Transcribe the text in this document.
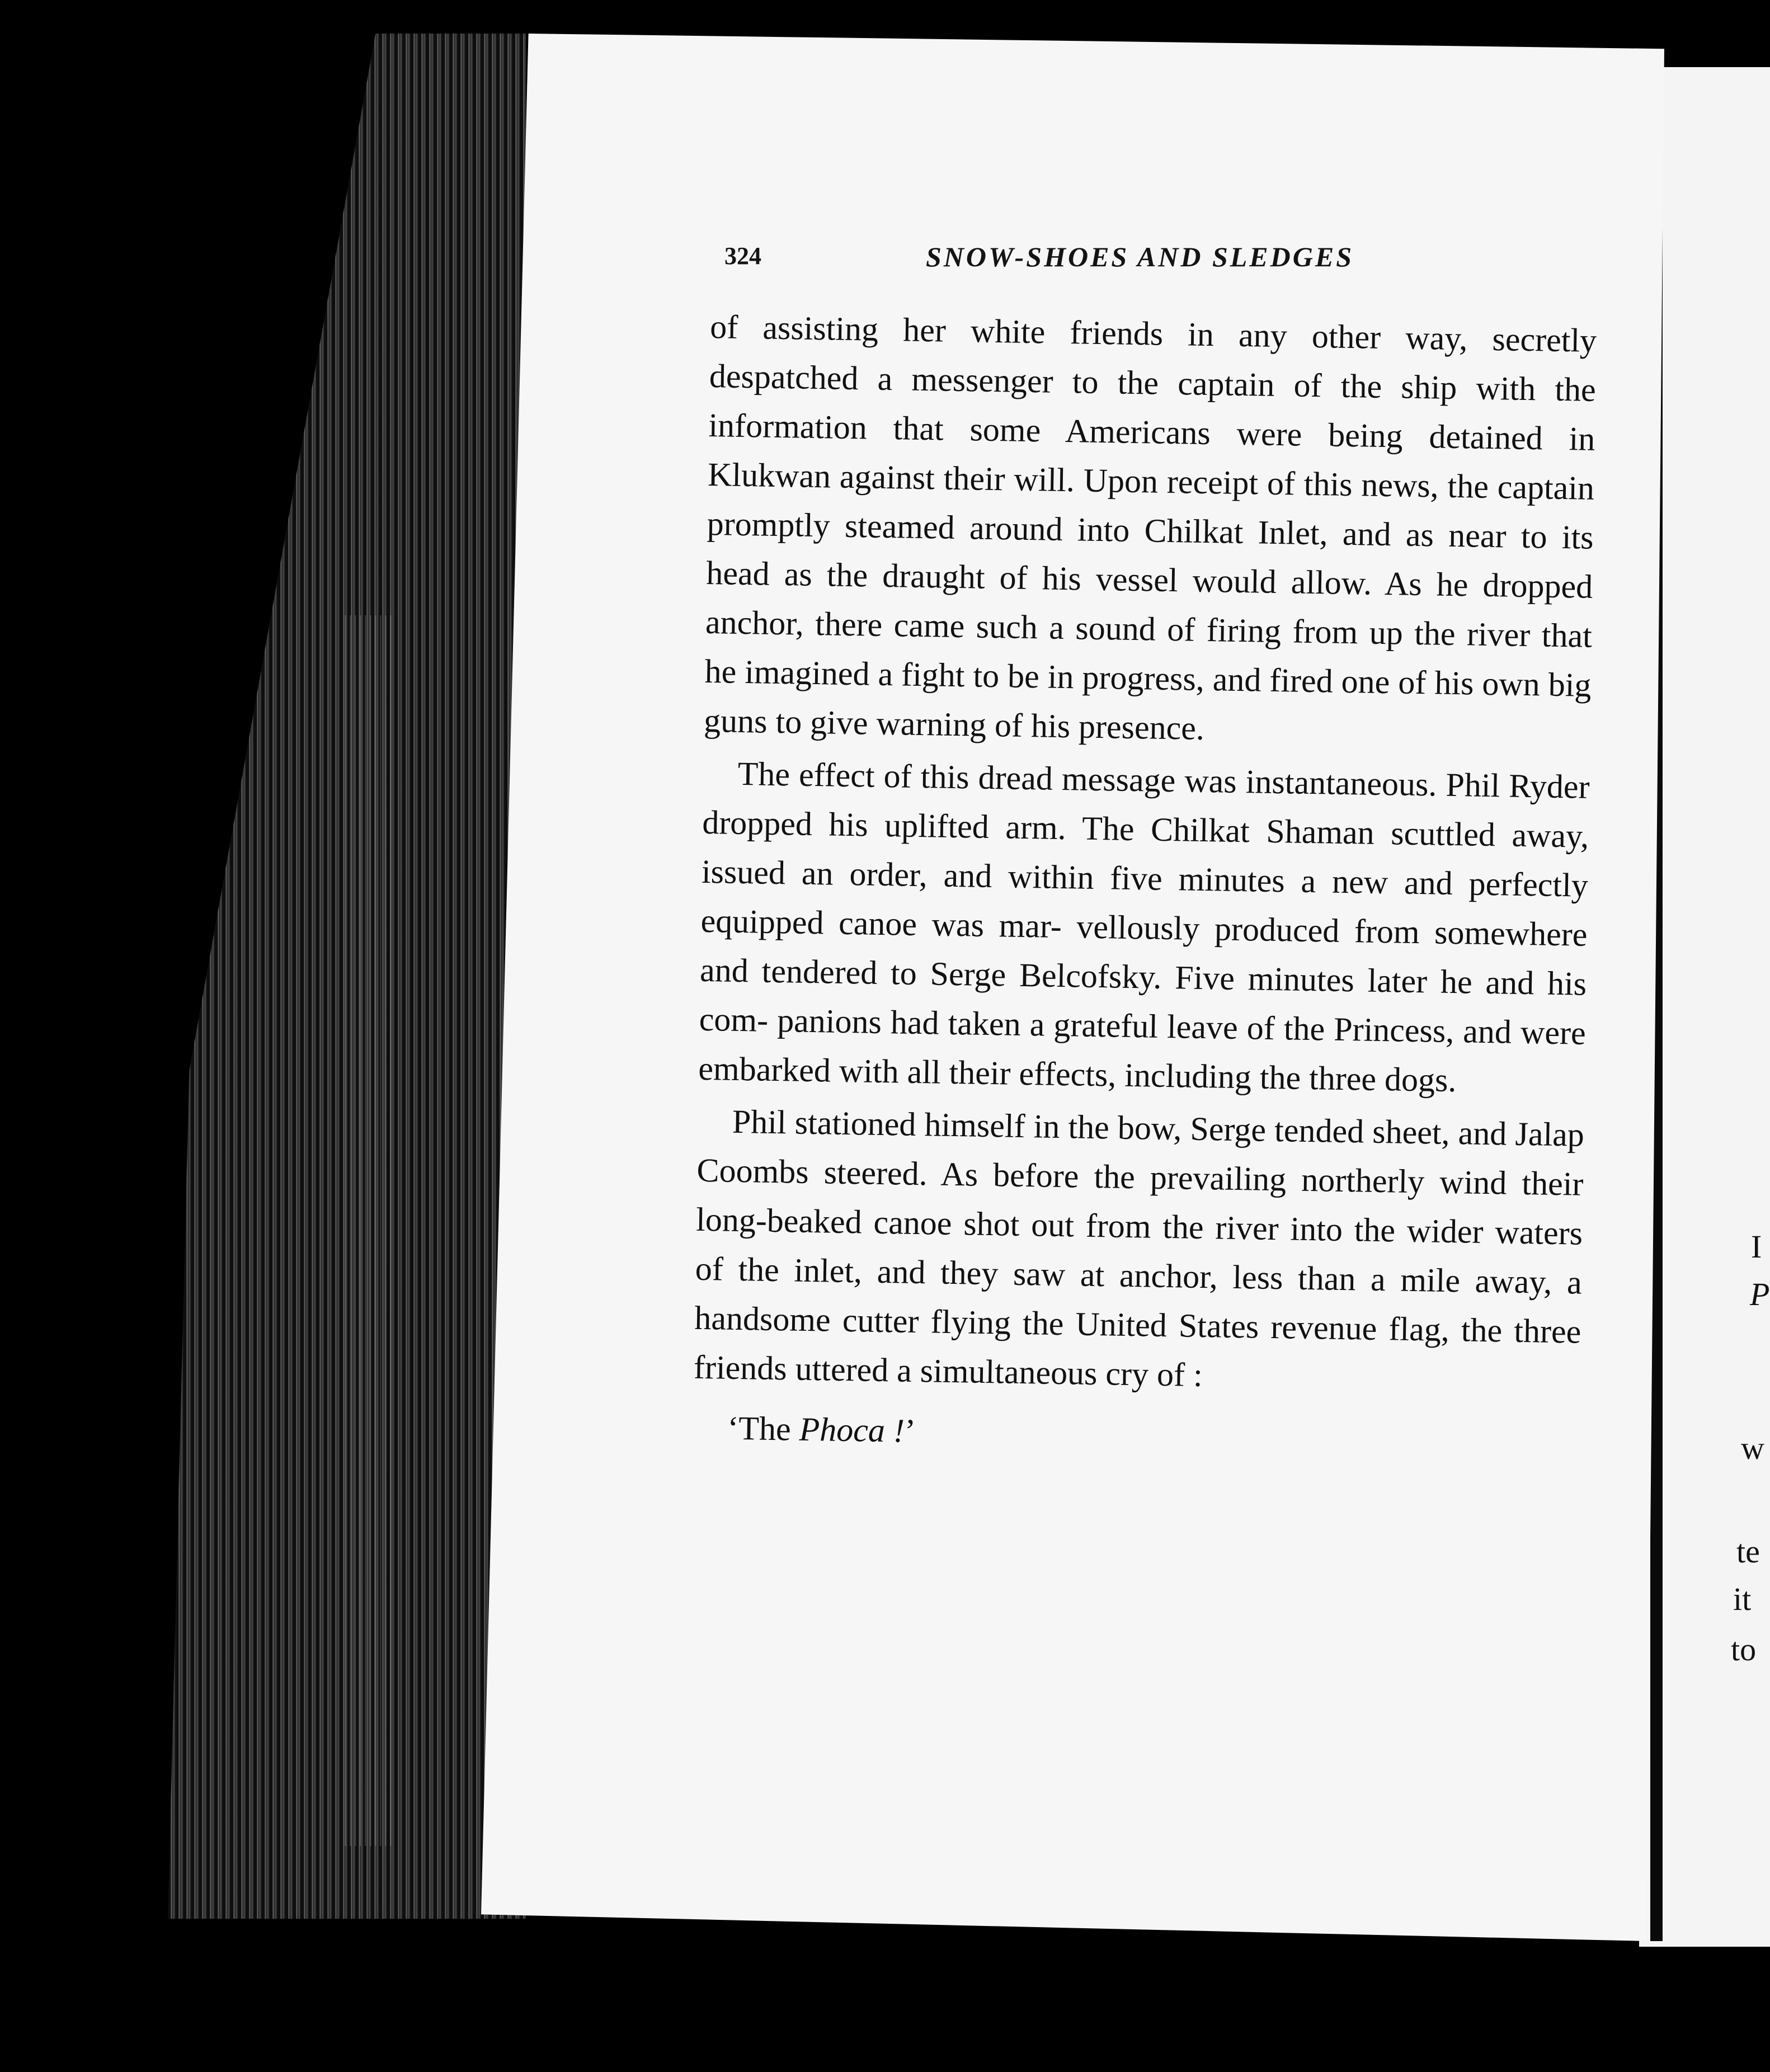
324	SNOW-SHOES AND SLEDGES

of assisting her white friends in any other way, secretly despatched a messenger to the captain of the ship with the information that some Americans were being detained in Klukwan against their will. Upon receipt of this news, the captain promptly steamed around into Chilkat Inlet, and as near to its head as the draught of his vessel would allow. As he dropped anchor, there came such a sound of firing from up the river that he imagined a fight to be in progress, and fired one of his own big guns to give warning of his presence.

The effect of this dread message was instantaneous. Phil Ryder dropped his uplifted arm. The Chilkat Shaman scuttled away, issued an order, and within five minutes a new and perfectly equipped canoe was mar- vellously produced from somewhere and tendered to Serge Belcofsky. Five minutes later he and his com- panions had taken a grateful leave of the Princess, and were embarked with all their effects, including the three dogs.

Phil stationed himself in the bow, Serge tended sheet, and Jalap Coombs steered. As before the prevailing northerly wind their long-beaked canoe shot out from the river into the wider waters of the inlet, and they saw at anchor, less than a mile away, a handsome cutter flying the United States revenue flag, the three friends uttered a simultaneous cry of :

‘The Phoca !’

I
P
w
te
it
to
